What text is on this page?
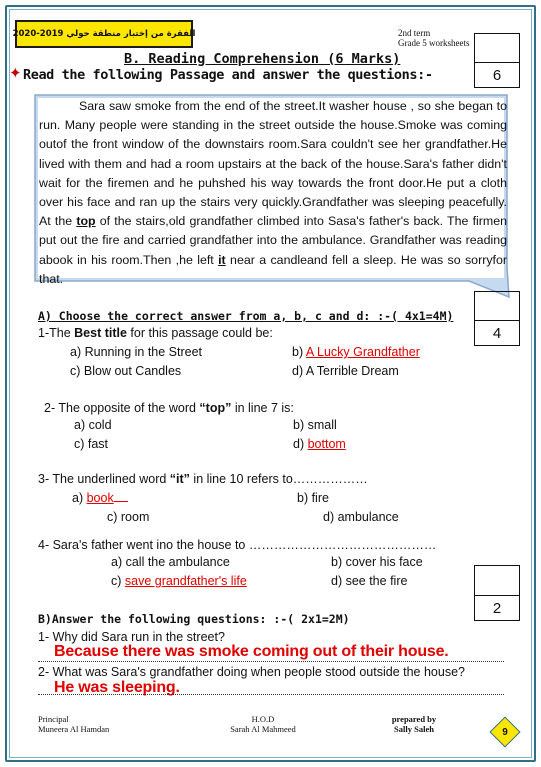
الفقرة من إختبار منطقة حولي 2019-2020	2nd term
Grade 5 worksheets
6
B. Reading Comprehension (6 Marks)
✦ Read the following Passage and answer the questions:-

Sara saw smoke from the end of the street.It washer house , so she began to run. Many people were standing in the street outside the house.Smoke was coming outof the front window of the downstairs room.Sara couldn't see her grandfather.He lived with them and had a room upstairs at the back of the house.Sara's father didn't wait for the firemen and he puhshed his way towards the front door.He put a cloth over his face and ran up the stairs very quickly.Grandfather was sleeping peacefully. At the top of the stairs,old grandfather climbed into Sasa's father's back. The firmen put out the fire and carried grandfather into the ambulance. Grandfather was reading abook in his room.Then ,he left it near a candleand fell a sleep. He was so sorryfor that.

4
A) Choose the correct answer from a, b, c and d: :-( 4x1=4M)
1-The Best title for this passage could be:
a) Running in the Street	b) A Lucky Grandfather
c) Blow out Candles	d) A Terrible Dream
2- The opposite of the word “top” in line 7 is:
a) cold	b) small
c) fast	d) bottom
3- The underlined word “it” in line 10 refers to………………
a) book	b) fire
c) room	d) ambulance
4- Sara's father went ino the house to ………………………………………
a) call the ambulance	b) cover his face
c) save grandfather's life	d) see the fire
2
B)Answer the following questions: :-( 2x1=2M)
1- Why did Sara run in the street?
Because there was smoke coming out of their house.
2- What was Sara's grandfather doing when people stood outside the house?
He was sleeping.
Principal
Muneera Al Hamdan
H.O.D
Sarah Al Mahmeed
prepared by
Sally Saleh	9
